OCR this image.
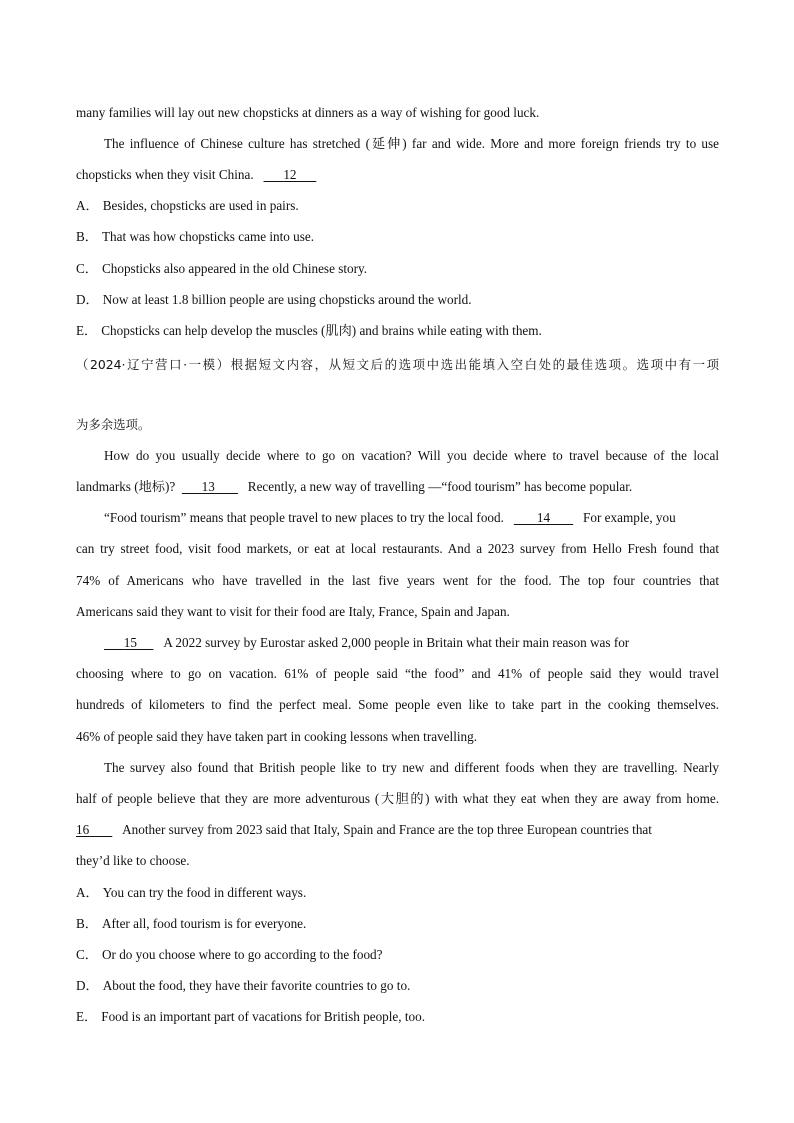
many families will lay out new chopsticks at dinners as a way of wishing for good luck.
The influence of Chinese culture has stretched (延伸) far and wide. More and more foreign friends try to use
chopsticks when they visit China. 12
A． Besides, chopsticks are used in pairs.
B． That was how chopsticks came into use.
C． Chopsticks also appeared in the old Chinese story.
D． Now at least 1.8 billion people are using chopsticks around the world.
E． Chopsticks can help develop the muscles (肌肉) and brains while eating with them.
（2024·辽宁营口·一模）根据短文内容，从短文后的选项中选出能填入空白处的最佳选项。选项中有一项
为多余选项。
How do you usually decide where to go on vacation? Will you decide where to travel because of the local
landmarks (地标)? 13 Recently, a new way of travelling —“food tourism” has become popular.
“Food tourism” means that people travel to new places to try the local food. 14 For example, you
can try street food, visit food markets, or eat at local restaurants. And a 2023 survey from Hello Fresh found that
74% of Americans who have travelled in the last five years went for the food. The top four countries that
Americans said they want to visit for their food are Italy, France, Spain and Japan.
15 A 2022 survey by Eurostar asked 2,000 people in Britain what their main reason was for
choosing where to go on vacation. 61% of people said “the food” and 41% of people said they would travel
hundreds of kilometers to find the perfect meal. Some people even like to take part in the cooking themselves.
46% of people said they have taken part in cooking lessons when travelling.
The survey also found that British people like to try new and different foods when they are travelling. Nearly
half of people believe that they are more adventurous (大胆的) with what they eat when they are away from home.
16 Another survey from 2023 said that Italy, Spain and France are the top three European countries that
they’d like to choose.
A． You can try the food in different ways.
B． After all, food tourism is for everyone.
C． Or do you choose where to go according to the food?
D． About the food, they have their favorite countries to go to.
E． Food is an important part of vacations for British people, too.
